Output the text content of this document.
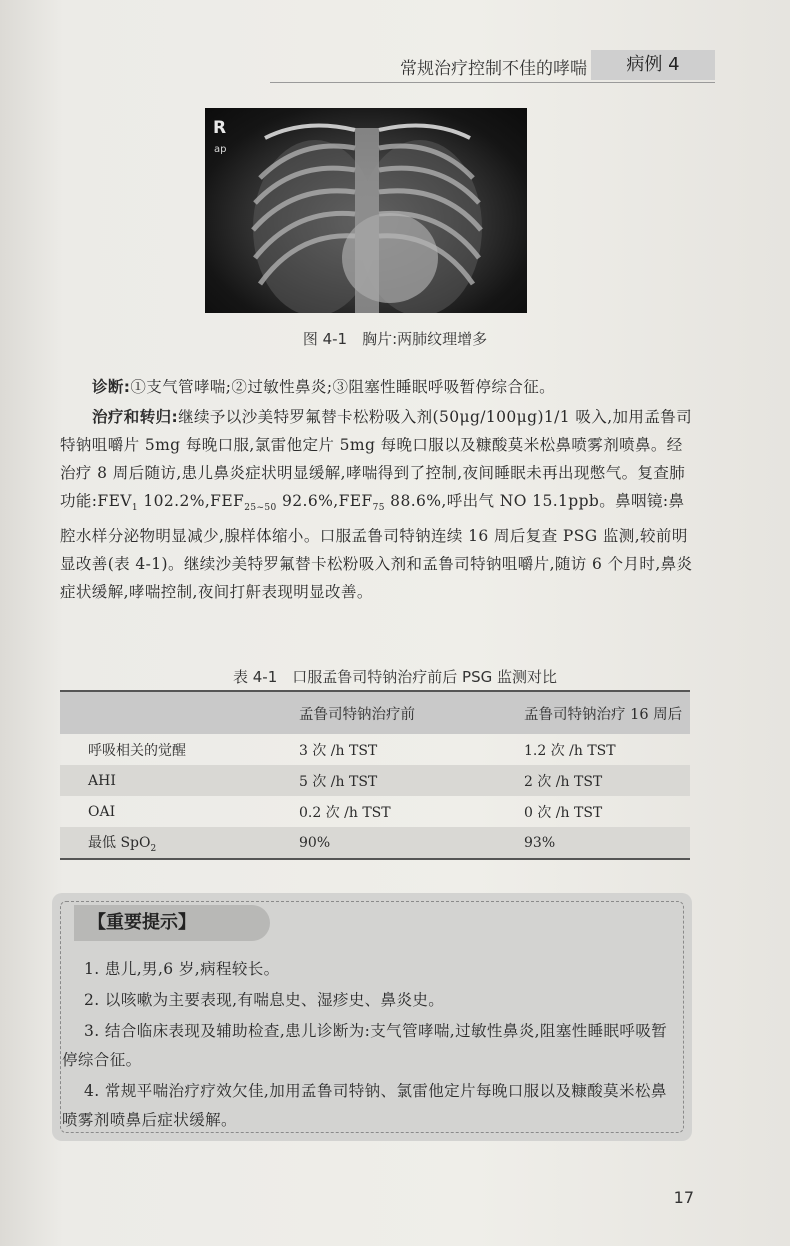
常规治疗控制不佳的哮喘	病例 4
R
ap
图 4-1　胸片:两肺纹理增多
诊断:①支气管哮喘;②过敏性鼻炎;③阻塞性睡眠呼吸暂停综合征。
治疗和转归:继续予以沙美特罗氟替卡松粉吸入剂(50μg/100μg)1/1 吸入,加用孟鲁司特钠咀嚼片 5mg 每晚口服,氯雷他定片 5mg 每晚口服以及糠酸莫米松鼻喷雾剂喷鼻。经治疗 8 周后随访,患儿鼻炎症状明显缓解,哮喘得到了控制,夜间睡眠未再出现憋气。复查肺功能$:FEV_1$ $102.2\%,FEF_{25\sim 50}$ $92.6\%,FEF_{75}$ 88.6%,呼出气 NO 15.1ppb。鼻咽镜:鼻腔水样分泌物明显减少,腺样体缩小。口服孟鲁司特钠连续 16 周后复查 PSG 监测,较前明显改善(表 4-1)。继续沙美特罗氟替卡松粉吸入剂和孟鲁司特钠咀嚼片,随访 6 个月时,鼻炎症状缓解,哮喘控制,夜间打鼾表现明显改善。
表 4-1　口服孟鲁司特钠治疗前后 PSG 监测对比
	孟鲁司特钠治疗前	孟鲁司特钠治疗 16 周后
呼吸相关的觉醒	3 次 /h TST	1.2 次 /h TST
AHI	5 次 /h TST	2 次 /h TST
OAI	0.2 次 /h TST	0 次 /h TST
最低 SpO$_2$	90%	93%
【重要提示】

1. 患儿,男,6 岁,病程较长。

2. 以咳嗽为主要表现,有喘息史、湿疹史、鼻炎史。

3. 结合临床表现及辅助检查,患儿诊断为:支气管哮喘,过敏性鼻炎,阻塞性睡眠呼吸暂停综合征。

4. 常规平喘治疗疗效欠佳,加用孟鲁司特钠、氯雷他定片每晚口服以及糠酸莫米松鼻喷雾剂喷鼻后症状缓解。

17
